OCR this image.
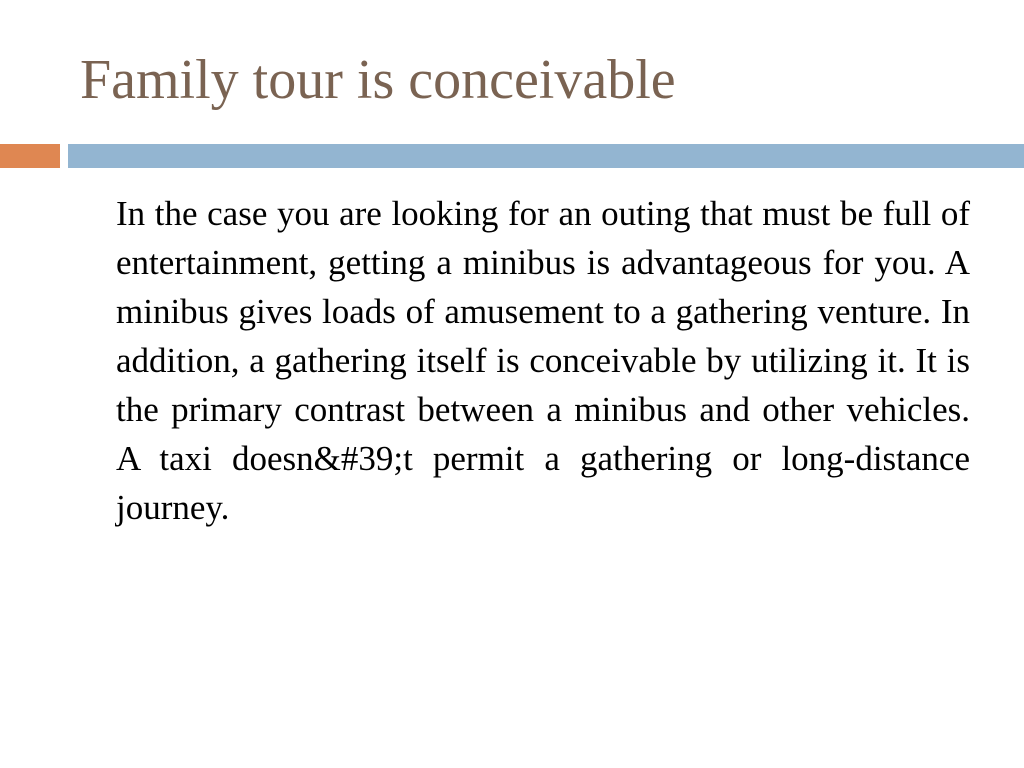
Family tour is conceivable

In the case you are looking for an outing that must be full of entertainment, getting a minibus is advantageous for you. A minibus gives loads of amusement to a gathering venture. In addition, a gathering itself is conceivable by utilizing it. It is the primary contrast between a minibus and other vehicles. A taxi doesn&#39;t permit a gathering or long-distance journey.
